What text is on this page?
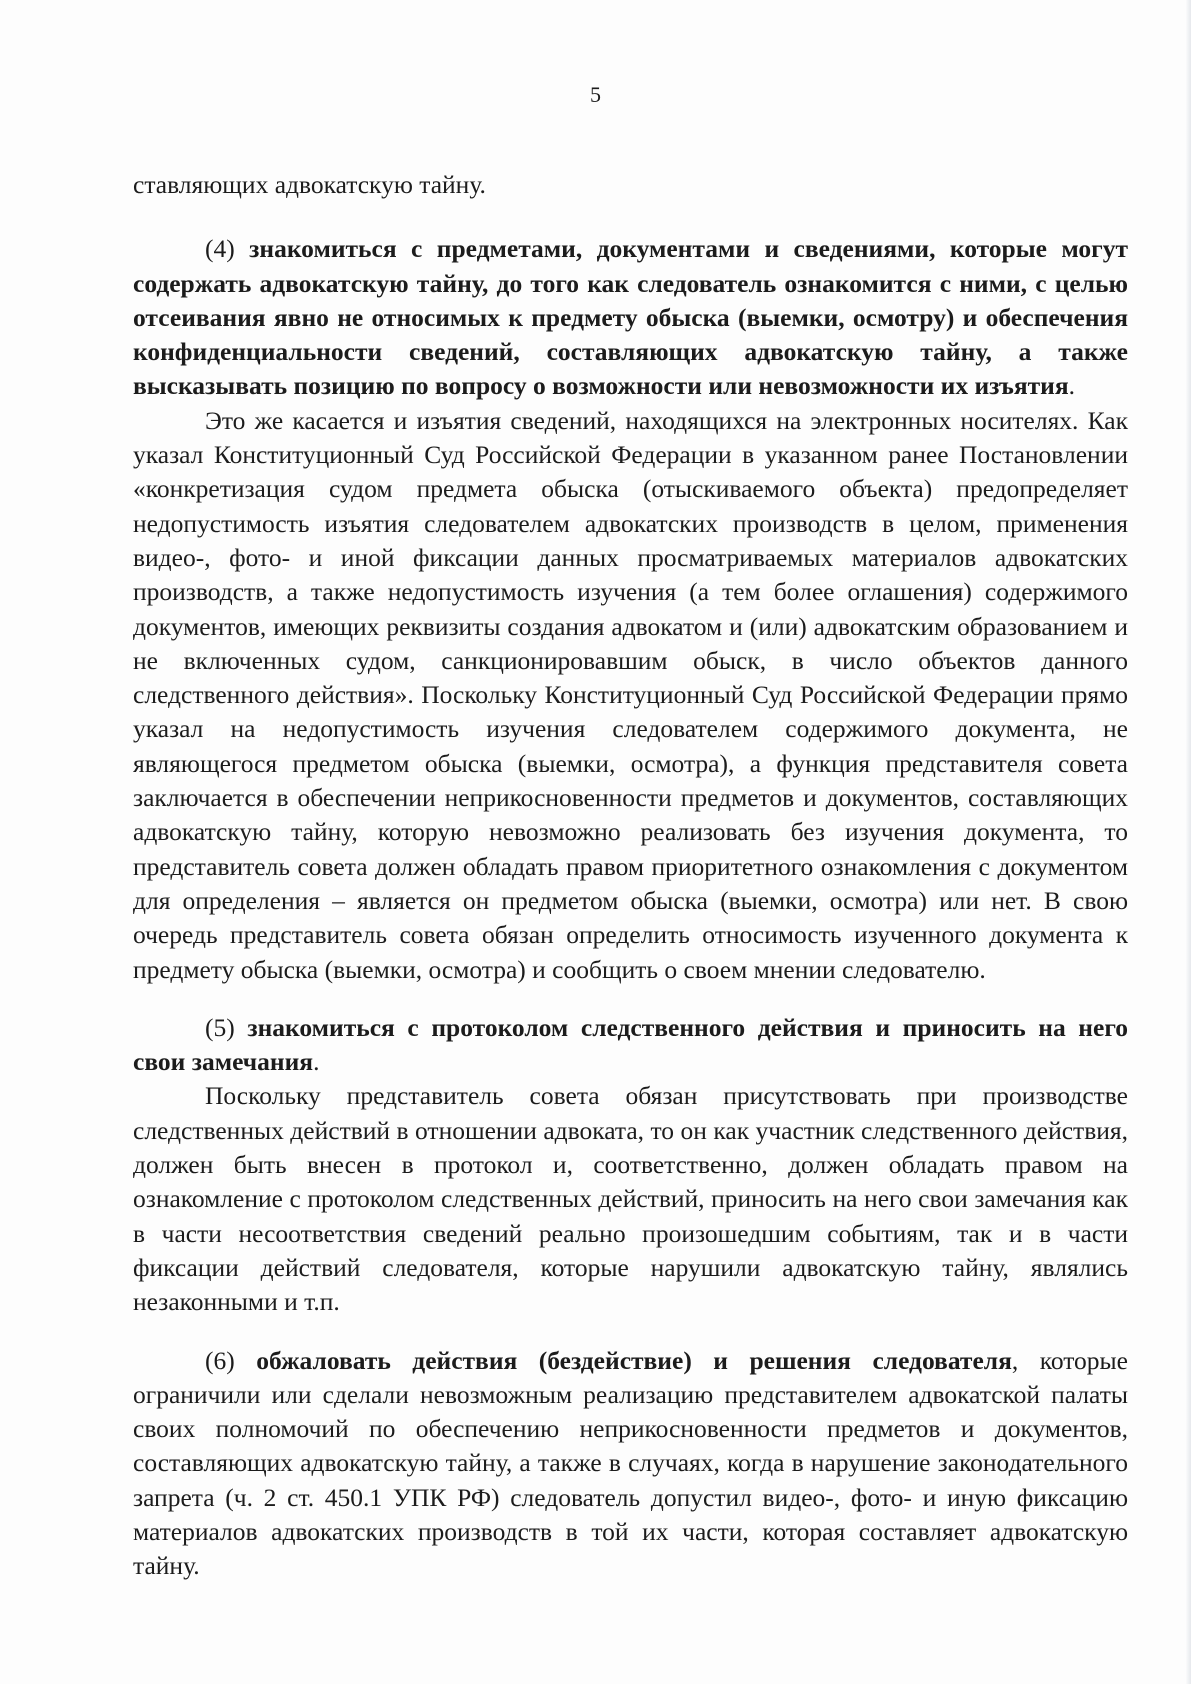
5

ставляющих адвокатскую тайну.

(4) знакомиться с предметами, документами и сведениями, которые могут содержать адвокатскую тайну, до того как следователь ознакомится с ними, с целью отсеивания явно не относимых к предмету обыска (выемки, осмотру) и обеспечения конфиденциальности сведений, составляющих адвокатскую тайну, а также высказывать позицию по вопросу о возможности или невозможности их изъятия.

Это же касается и изъятия сведений, находящихся на электронных носителях. Как указал Конституционный Суд Российской Федерации в указанном ранее Постановлении «конкретизация судом предмета обыска (отыскиваемого объекта) предопределяет недопустимость изъятия следователем адвокатских производств в целом, применения видео-, фото- и иной фиксации данных просматриваемых материалов адвокатских производств, а также недопустимость изучения (а тем более оглашения) содержимого документов, имеющих реквизиты создания адвокатом и (или) адвокатским образованием и не включенных судом, санкционировавшим обыск, в число объектов данного следственного действия». Поскольку Конституционный Суд Российской Федерации прямо указал на недопустимость изучения следователем содержимого документа, не являющегося предметом обыска (выемки, осмотра), а функция представителя совета заключается в обеспечении неприкосновенности предметов и документов, составляющих адвокатскую тайну, которую невозможно реализовать без изучения документа, то представитель совета должен обладать правом приоритетного ознакомления с документом для определения – является он предметом обыска (выемки, осмотра) или нет. В свою очередь представитель совета обязан определить относимость изученного документа к предмету обыска (выемки, осмотра) и сообщить о своем мнении следователю.

(5) знакомиться с протоколом следственного действия и приносить на него свои замечания.

Поскольку представитель совета обязан присутствовать при производстве следственных действий в отношении адвоката, то он как участник следственного действия, должен быть внесен в протокол и, соответственно, должен обладать правом на ознакомление с протоколом следственных действий, приносить на него свои замечания как в части несоответствия сведений реально произошедшим событиям, так и в части фиксации действий следователя, которые нарушили адвокатскую тайну, являлись незаконными и т.п.

(6) обжаловать действия (бездействие) и решения следователя, которые ограничили или сделали невозможным реализацию представителем адвокатской палаты своих полномочий по обеспечению неприкосновенности предметов и документов, составляющих адвокатскую тайну, а также в случаях, когда в нарушение законодательного запрета (ч. 2 ст. 450.1 УПК РФ) следователь допустил видео-, фото- и иную фиксацию материалов адвокатских производств в той их части, которая составляет адвокатскую тайну.
